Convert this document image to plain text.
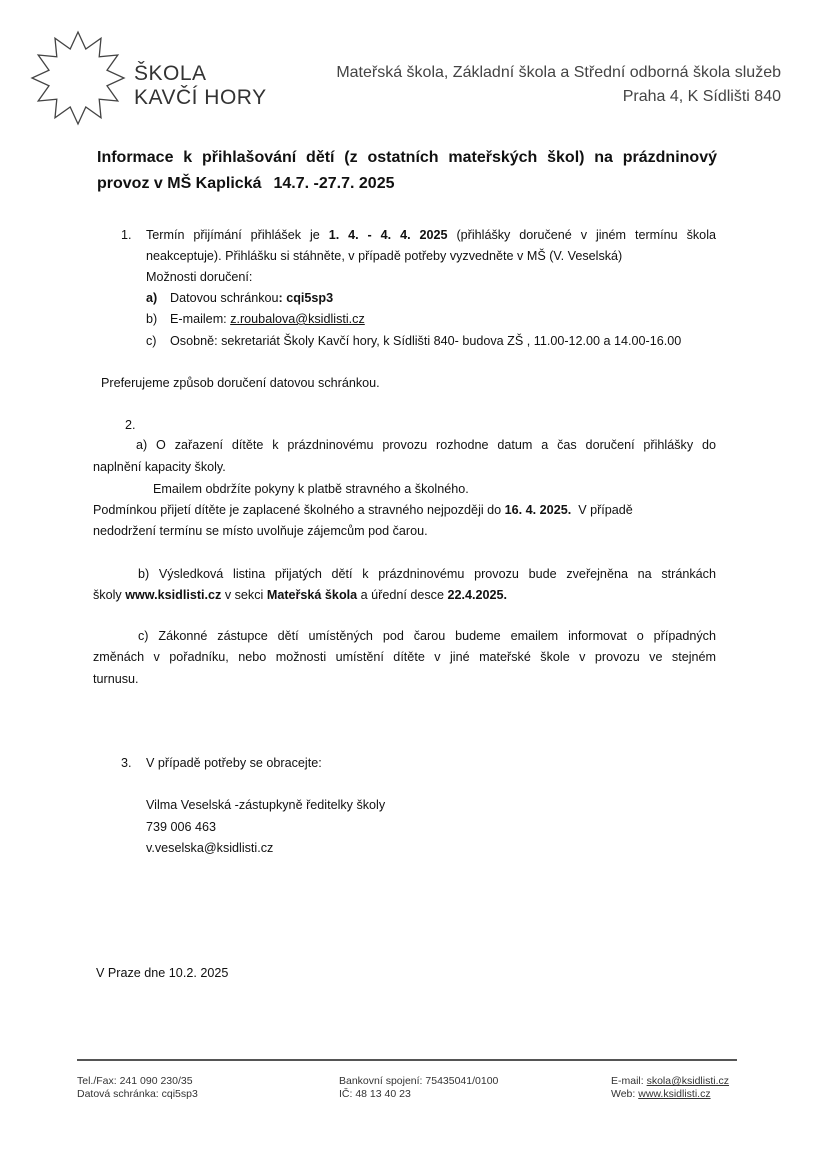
ŠKOLA
KAVČÍ HORY
Mateřská škola, Základní škola a Střední odborná škola služeb
Praha 4, K Sídlišti 840
Informace k přihlašování dětí (z ostatních mateřských škol) na prázdninový
provoz v MŠ Kaplická 14.7. -27.7. 2025
1. Termín přijímání přihlášek je 1. 4. - 4. 4. 2025 (přihlášky doručené v jiném termínu škola
neakceptuje). Přihlášku si stáhněte, v případě potřeby vyzvedněte v MŠ (V. Veselská)
Možnosti doručení:
a) Datovou schránkou: cqi5sp3
b) E-mailem: z.roubalova@ksidlisti.cz
c) Osobně: sekretariát Školy Kavčí hory, k Sídlišti 840- budova ZŠ , 11.00-12.00 a 14.00-16.00
Preferujeme způsob doručení datovou schránkou.
2.
a) O zařazení dítěte k prázdninovému provozu rozhodne datum a čas doručení přihlášky do
naplnění kapacity školy.
Emailem obdržíte pokyny k platbě stravného a školného.
Podmínkou přijetí dítěte je zaplacené školného a stravného nejpozději do 16. 4. 2025.  V případě
nedodržení termínu se místo uvolňuje zájemcům pod čarou.
b) Výsledková listina přijatých dětí k prázdninovému provozu bude zveřejněna na stránkách
školy www.ksidlisti.cz v sekci Mateřská škola a úřední desce 22.4.2025.
c) Zákonné zástupce dětí umístěných pod čarou budeme emailem informovat o případných
změnách v pořadníku, nebo možnosti umístění dítěte v jiné mateřské škole v provozu ve stejném
turnusu.
3. V případě potřeby se obracejte:
Vilma Veselská -zástupkyně ředitelky školy
739 006 463
v.veselska@ksidlisti.cz
V Praze dne 10.2. 2025
Tel./Fax: 241 090 230/35
Datová schránka: cqi5sp3
Bankovní spojení: 75435041/0100
IČ: 48 13 40 23
E-mail: skola@ksidlisti.cz
Web: www.ksidlisti.cz
